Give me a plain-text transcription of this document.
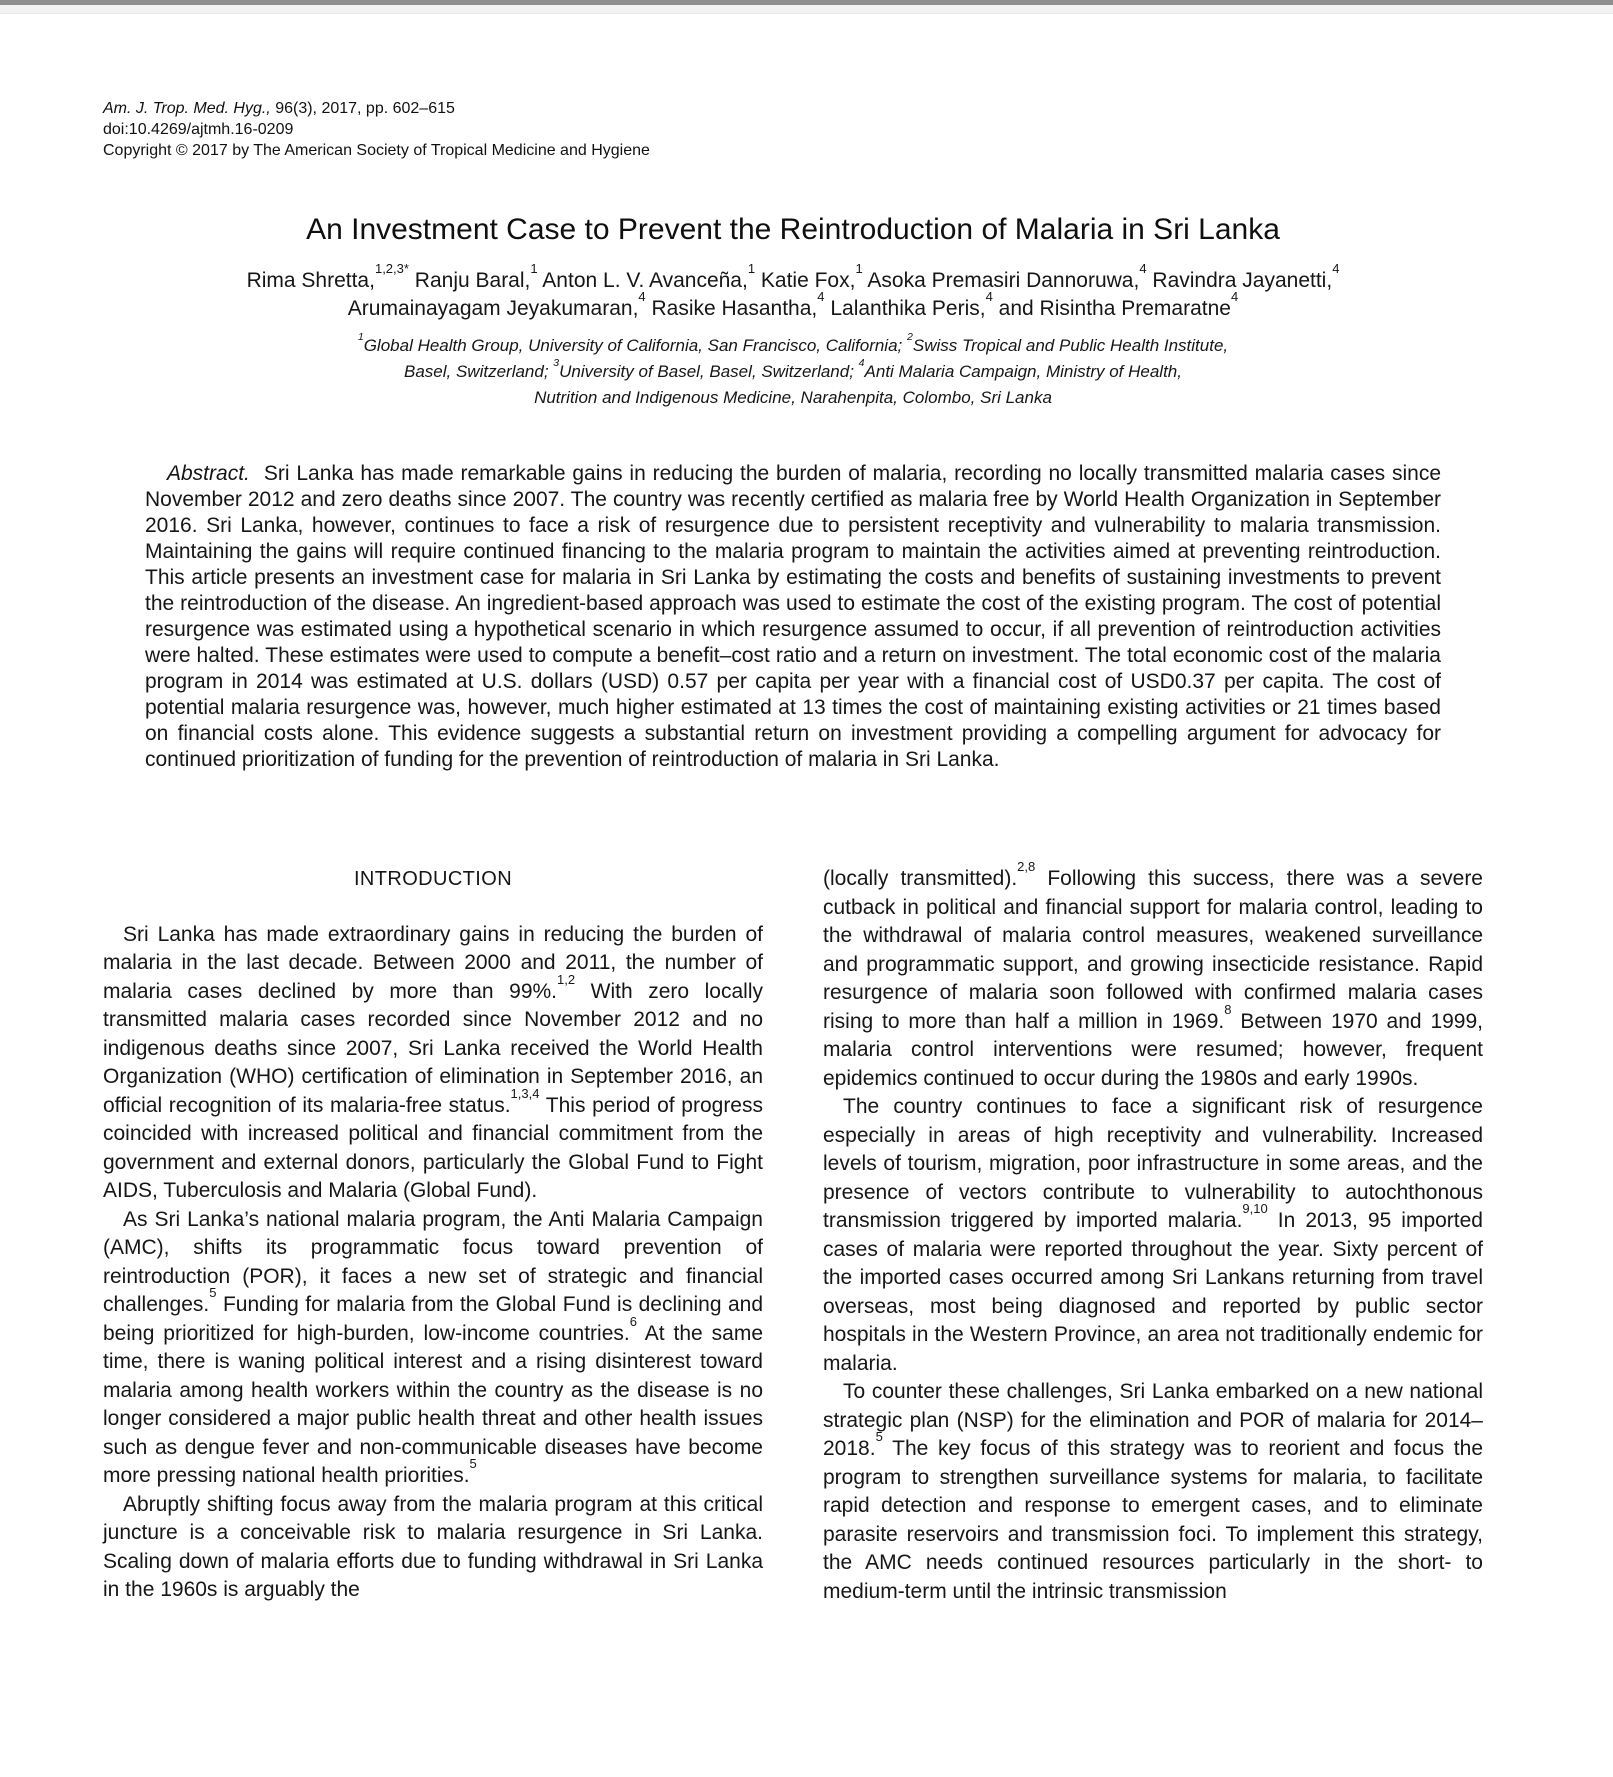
Am. J. Trop. Med. Hyg., 96(3), 2017, pp. 602–615
doi:10.4269/ajtmh.16-0209
Copyright © 2017 by The American Society of Tropical Medicine and Hygiene
An Investment Case to Prevent the Reintroduction of Malaria in Sri Lanka
Rima Shretta,$^{1,2,3*}$ Ranju Baral,$^1$ Anton L. V. Avanceña,$^1$ Katie Fox,$^1$ Asoka Premasiri Dannoruwa,$^4$ Ravindra Jayanetti,$^4$
Arumainayagam Jeyakumaran,$^4$ Rasike Hasantha,$^4$ Lalanthika Peris,$^4$ and Risintha Premaratne$^4$
$^1$Global Health Group, University of California, San Francisco, California; $^2$Swiss Tropical and Public Health Institute,
Basel, Switzerland; $^3$University of Basel, Basel, Switzerland; $^4$Anti Malaria Campaign, Ministry of Health,
Nutrition and Indigenous Medicine, Narahenpita, Colombo, Sri Lanka

Abstract. Sri Lanka has made remarkable gains in reducing the burden of malaria, recording no locally transmitted malaria cases since November 2012 and zero deaths since 2007. The country was recently certified as malaria free by World Health Organization in September 2016. Sri Lanka, however, continues to face a risk of resurgence due to persistent receptivity and vulnerability to malaria transmission. Maintaining the gains will require continued financing to the malaria program to maintain the activities aimed at preventing reintroduction. This article presents an investment case for malaria in Sri Lanka by estimating the costs and benefits of sustaining investments to prevent the reintroduction of the disease. An ingredient-based approach was used to estimate the cost of the existing program. The cost of potential resurgence was estimated using a hypothetical scenario in which resurgence assumed to occur, if all prevention of reintroduction activities were halted. These estimates were used to compute a benefit–cost ratio and a return on investment. The total economic cost of the malaria program in 2014 was estimated at U.S. dollars (USD) 0.57 per capita per year with a financial cost of USD0.37 per capita. The cost of potential malaria resurgence was, however, much higher estimated at 13 times the cost of maintaining existing activities or 21 times based on financial costs alone. This evidence suggests a substantial return on investment providing a compelling argument for advocacy for continued prioritization of funding for the prevention of reintroduction of malaria in Sri Lanka.

INTRODUCTION

Sri Lanka has made extraordinary gains in reducing the burden of malaria in the last decade. Between 2000 and 2011, the number of malaria cases declined by more than 99%.$^{1,2}$ With zero locally transmitted malaria cases recorded since November 2012 and no indigenous deaths since 2007, Sri Lanka received the World Health Organization (WHO) certification of elimination in September 2016, an official recognition of its malaria-free status.$^{1,3,4}$ This period of progress coincided with increased political and financial commitment from the government and external donors, particularly the Global Fund to Fight AIDS, Tuberculosis and Malaria (Global Fund).

As Sri Lanka’s national malaria program, the Anti Malaria Campaign (AMC), shifts its programmatic focus toward prevention of reintroduction (POR), it faces a new set of strategic and financial challenges.$^5$ Funding for malaria from the Global Fund is declining and being prioritized for high-burden, low-income countries.$^6$ At the same time, there is waning political interest and a rising disinterest toward malaria among health workers within the country as the disease is no longer considered a major public health threat and other health issues such as dengue fever and non-communicable diseases have become more pressing national health priorities.$^5$

Abruptly shifting focus away from the malaria program at this critical juncture is a conceivable risk to malaria resurgence in Sri Lanka. Scaling down of malaria efforts due to funding withdrawal in Sri Lanka in the 1960s is arguably the

(locally transmitted).$^{2,8}$ Following this success, there was a severe cutback in political and financial support for malaria control, leading to the withdrawal of malaria control measures, weakened surveillance and programmatic support, and growing insecticide resistance. Rapid resurgence of malaria soon followed with confirmed malaria cases rising to more than half a million in 1969.$^8$ Between 1970 and 1999, malaria control interventions were resumed; however, frequent epidemics continued to occur during the 1980s and early 1990s.

The country continues to face a significant risk of resurgence especially in areas of high receptivity and vulnerability. Increased levels of tourism, migration, poor infrastructure in some areas, and the presence of vectors contribute to vulnerability to autochthonous transmission triggered by imported malaria.$^{9,10}$ In 2013, 95 imported cases of malaria were reported throughout the year. Sixty percent of the imported cases occurred among Sri Lankans returning from travel overseas, most being diagnosed and reported by public sector hospitals in the Western Province, an area not traditionally endemic for malaria.

To counter these challenges, Sri Lanka embarked on a new national strategic plan (NSP) for the elimination and POR of malaria for 2014–2018.$^5$ The key focus of this strategy was to reorient and focus the program to strengthen surveillance systems for malaria, to facilitate rapid detection and response to emergent cases, and to eliminate parasite reservoirs and transmission foci. To implement this strategy, the AMC needs continued resources particularly in the short- to medium-term until the intrinsic transmission
